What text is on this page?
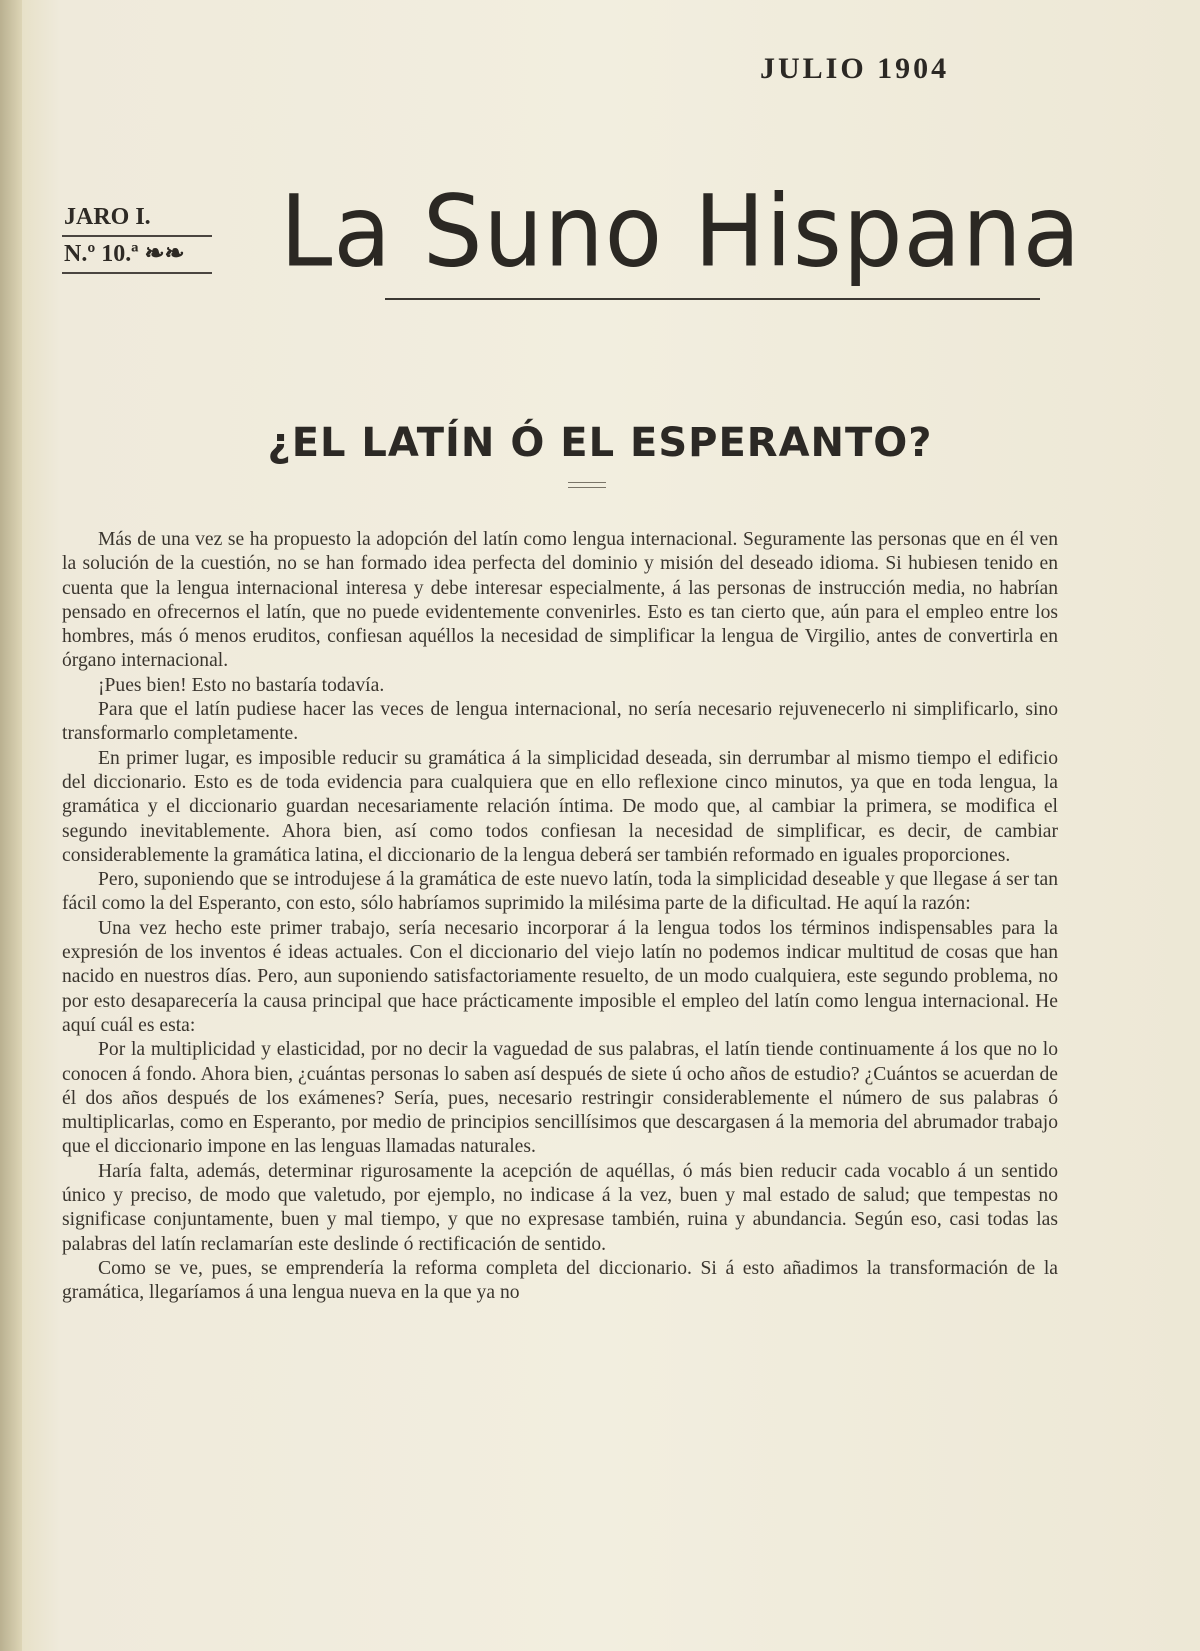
JULIO 1904
JARO I.
N.º 10.ª ❧❧ La Suno Hispana
¿EL LATÍN Ó EL ESPERANTO?

Más de una vez se ha propuesto la adopción del latín como lengua internacional. Seguramente las personas que en él ven la solución de la cuestión, no se han formado idea perfecta del dominio y misión del deseado idioma. Si hubiesen tenido en cuenta que la lengua internacional interesa y debe interesar especialmente, á las personas de instrucción media, no habrían pensado en ofrecernos el latín, que no puede evidentemente convenirles. Esto es tan cierto que, aún para el empleo entre los hombres, más ó menos eruditos, confiesan aquéllos la necesidad de simplificar la lengua de Virgilio, antes de convertirla en órgano internacional.

¡Pues bien! Esto no bastaría todavía.

Para que el latín pudiese hacer las veces de lengua internacional, no sería necesario rejuvenecerlo ni simplificarlo, sino transformarlo completamente.

En primer lugar, es imposible reducir su gramática á la simplicidad deseada, sin derrumbar al mismo tiempo el edificio del diccionario. Esto es de toda evidencia para cualquiera que en ello reflexione cinco minutos, ya que en toda lengua, la gramática y el diccionario guardan necesariamente relación íntima. De modo que, al cambiar la primera, se modifica el segundo inevitablemente. Ahora bien, así como todos confiesan la necesidad de simplificar, es decir, de cambiar considerablemente la gramática latina, el diccionario de la lengua deberá ser también reformado en iguales proporciones.

Pero, suponiendo que se introdujese á la gramática de este nuevo latín, toda la simplicidad deseable y que llegase á ser tan fácil como la del Esperanto, con esto, sólo habríamos suprimido la milésima parte de la dificultad. He aquí la razón:

Una vez hecho este primer trabajo, sería necesario incorporar á la lengua todos los términos indispensables para la expresión de los inventos é ideas actuales. Con el diccionario del viejo latín no podemos indicar multitud de cosas que han nacido en nuestros días. Pero, aun suponiendo satisfactoriamente resuelto, de un modo cualquiera, este segundo problema, no por esto desaparecería la causa principal que hace prácticamente imposible el empleo del latín como lengua internacional. He aquí cuál es esta:

Por la multiplicidad y elasticidad, por no decir la vaguedad de sus palabras, el latín tiende continuamente á los que no lo conocen á fondo. Ahora bien, ¿cuántas personas lo saben así después de siete ú ocho años de estudio? ¿Cuántos se acuerdan de él dos años después de los exámenes? Sería, pues, necesario restringir considerablemente el número de sus palabras ó multiplicarlas, como en Esperanto, por medio de principios sencillísimos que descargasen á la memoria del abrumador trabajo que el diccionario impone en las lenguas llamadas naturales.

Haría falta, además, determinar rigurosamente la acepción de aquéllas, ó más bien reducir cada vocablo á un sentido único y preciso, de modo que valetudo, por ejemplo, no indicase á la vez, buen y mal estado de salud; que tempestas no significase conjuntamente, buen y mal tiempo, y que no expresase también, ruina y abundancia. Según eso, casi todas las palabras del latín reclamarían este deslinde ó rectificación de sentido.

Como se ve, pues, se emprendería la reforma completa del diccionario. Si á esto añadimos la transformación de la gramática, llegaríamos á una lengua nueva en la que ya no
